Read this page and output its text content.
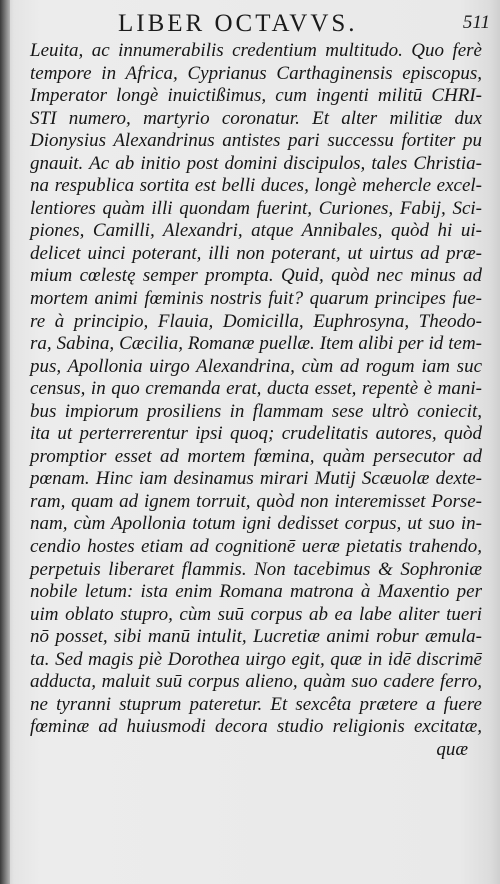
LIBER OCTAVVS.	511
Leuita, ac innumerabilis credentium multitudo. Quo ferè
tempore in Africa, Cyprianus Carthaginensis episcopus,
Imperator longè inuictißimus, cum ingenti militū CHRI-
STI numero, martyrio coronatur. Et alter militiæ dux
Dionysius Alexandrinus antistes pari successu fortiter pu
gnauit. Ac ab initio post domini discipulos, tales Christia-
na respublica sortita est belli duces, longè mehercle excel-
lentiores quàm illi quondam fuerint, Curiones, Fabij, Sci-
piones, Camilli, Alexandri, atque Annibales, quòd hi ui-
delicet uinci poterant, illi non poterant, ut uirtus ad præ-
mium cœlestę semper prompta. Quid, quòd nec minus ad
mortem animi fœminis nostris fuit? quarum principes fue-
re à principio, Flauia, Domicilla, Euphrosyna, Theodo-
ra, Sabina, Cæcilia, Romanæ puellæ. Item alibi per id tem-
pus, Apollonia uirgo Alexandrina, cùm ad rogum iam suc
census, in quo cremanda erat, ducta esset, repentè è mani-
bus impiorum prosiliens in flammam sese ultrò coniecit,
ita ut perterrerentur ipsi quoq; crudelitatis autores, quòd
promptior esset ad mortem fœmina, quàm persecutor ad
pœnam. Hinc iam desinamus mirari Mutij Scæuolæ dexte-
ram, quam ad ignem torruit, quòd non interemisset Porse-
nam, cùm Apollonia totum igni dedisset corpus, ut suo in-
cendio hostes etiam ad cognitionē ueræ pietatis trahendo,
perpetuis liberaret flammis. Non tacebimus & Sophroniæ
nobile letum: ista enim Romana matrona à Maxentio per
uim oblato stupro, cùm suū corpus ab ea labe aliter tueri
nō posset, sibi manū intulit, Lucretiæ animi robur æmula-
ta. Sed magis piè Dorothea uirgo egit, quæ in idē discrimē
adducta, maluit suū corpus alieno, quàm suo cadere ferro,
ne tyranni stuprum pateretur. Et sexcêta prætere a fuere
fœminæ ad huiusmodi decora studio religionis excitatæ,
quæ
